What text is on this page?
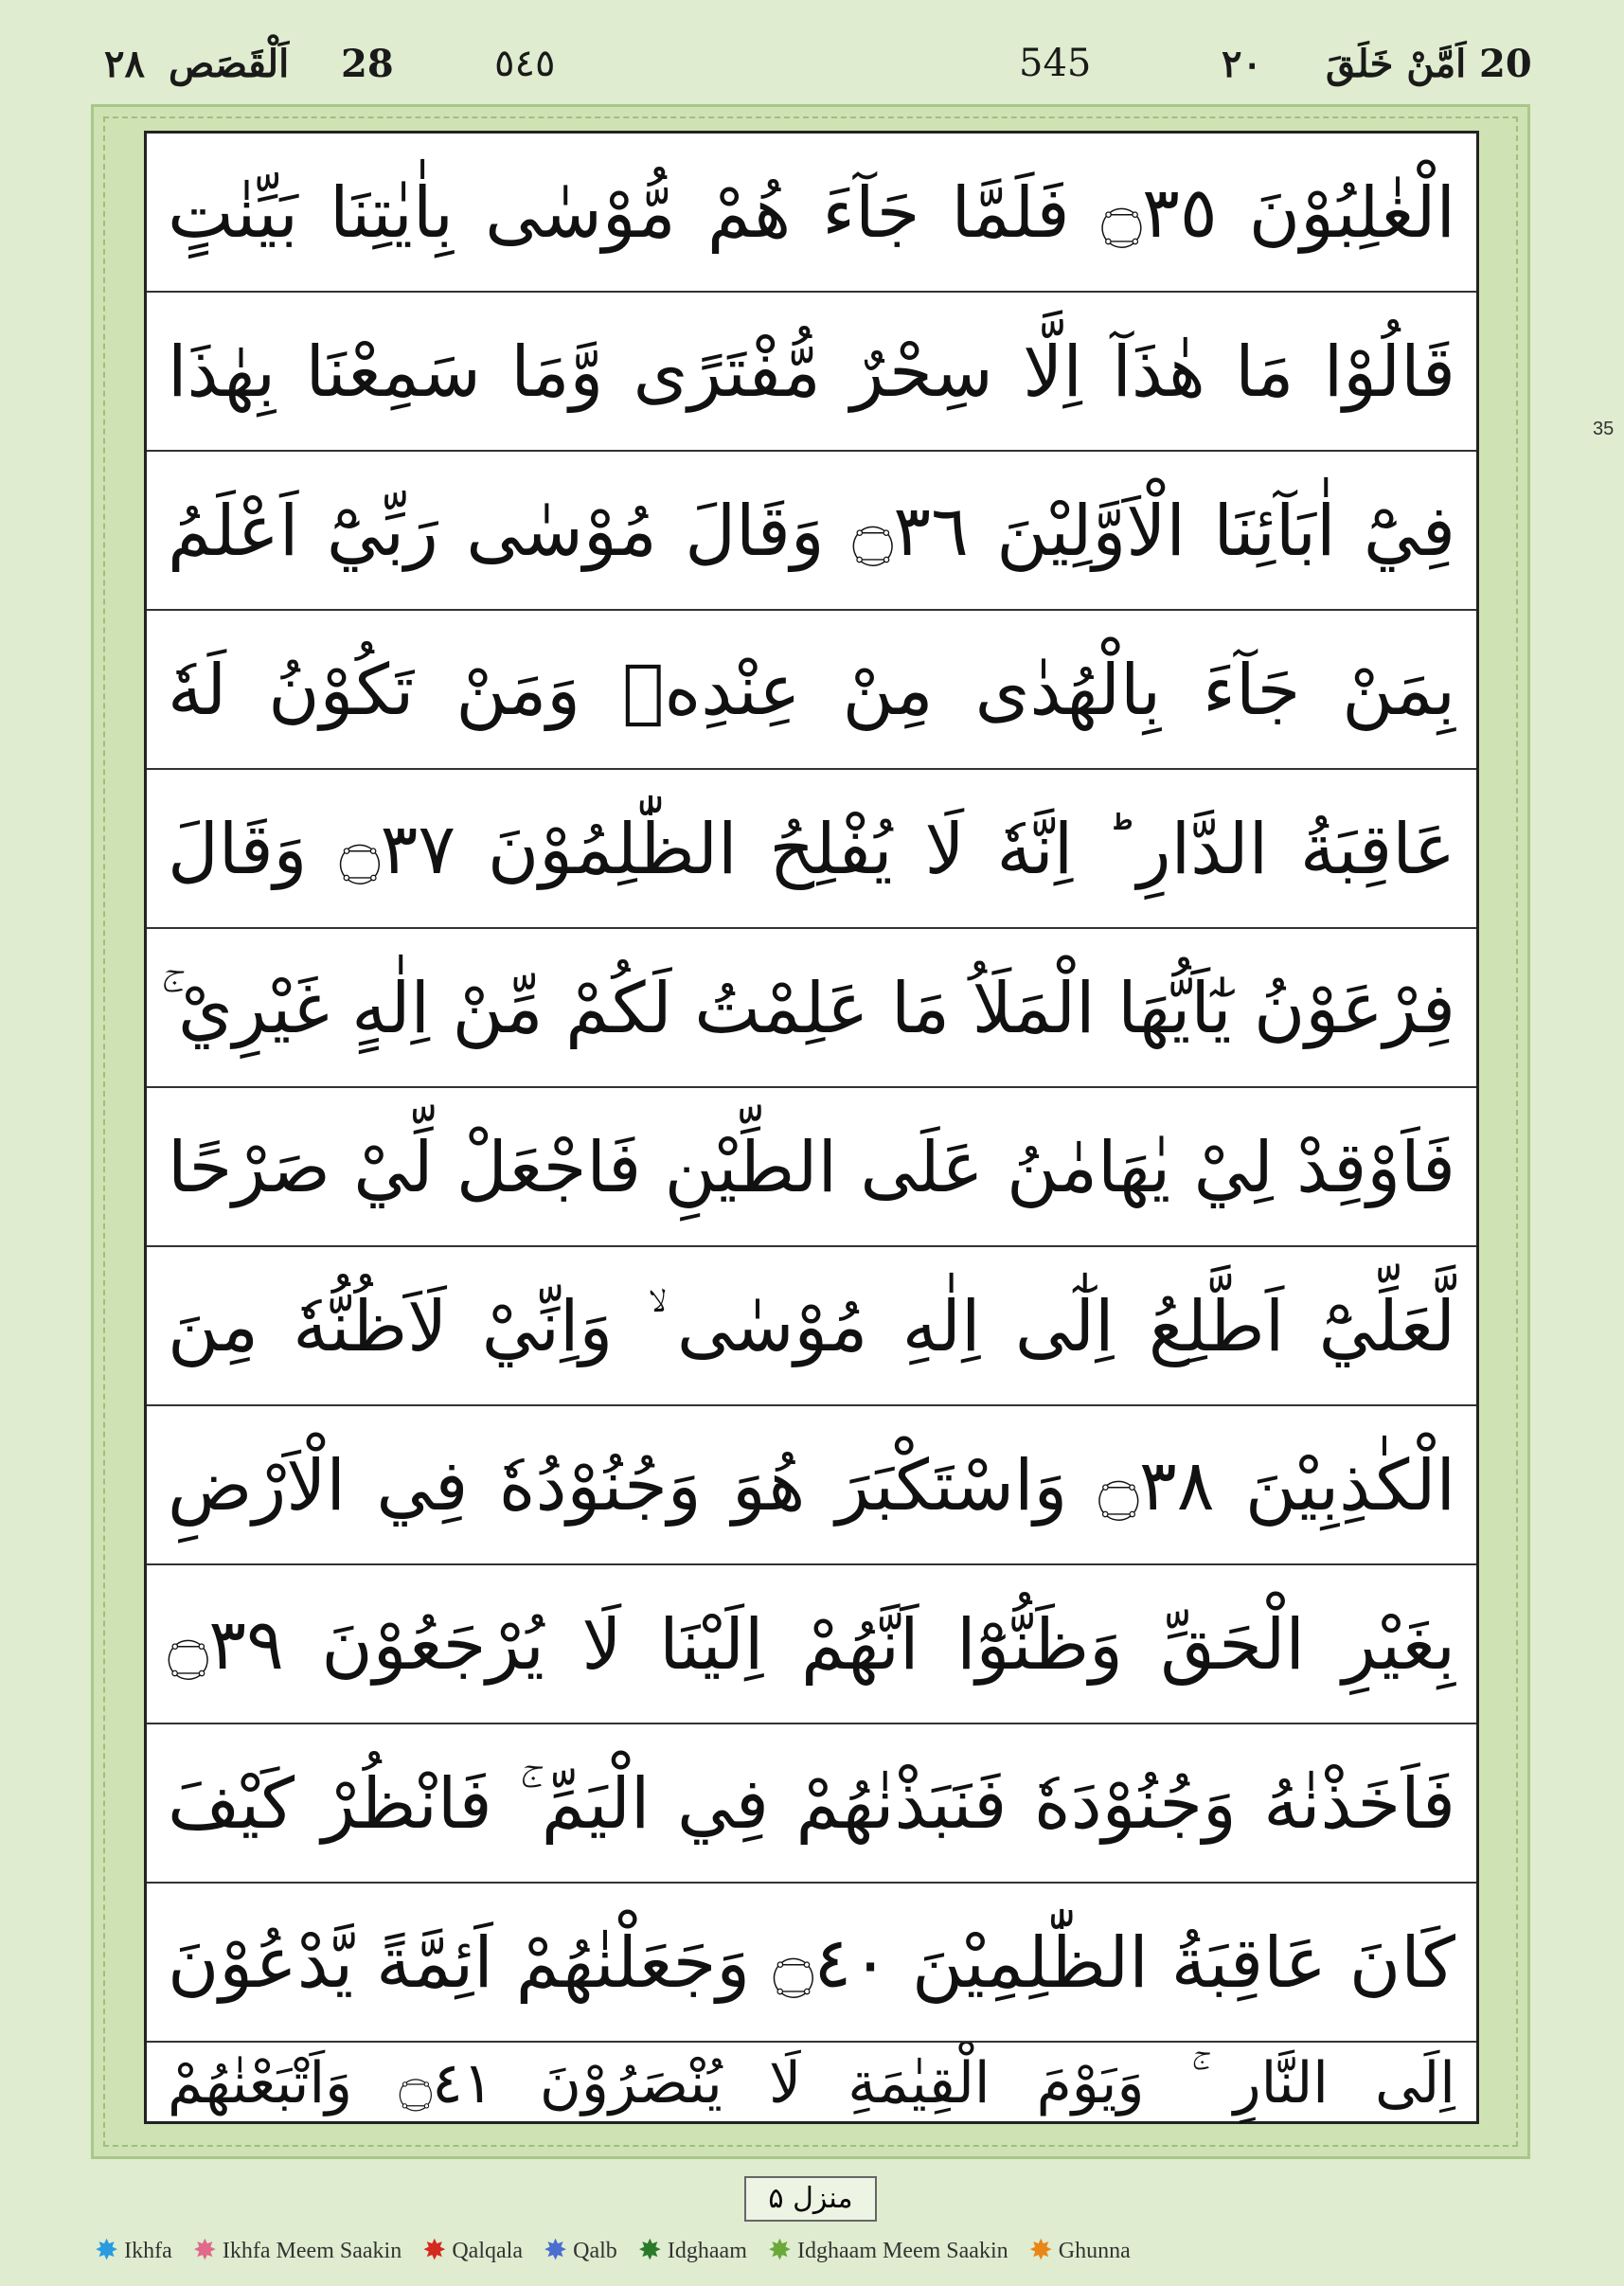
20
اَمَّنْ خَلَقَ
٢٠
545
٥٤٥
28
اَلْقَصَص
٢٨
35
الْغٰلِبُوْنَ ۝٣٥ فَلَمَّا جَآءَ هُمْ مُّوْسٰى بِاٰيٰتِنَا بَيِّنٰتٍ
قَالُوْا مَا هٰذَآ اِلَّا سِحْرٌ مُّفْتَرًى وَّمَا سَمِعْنَا بِهٰذَا
فِيْٓ اٰبَآئِنَا الْاَوَّلِيْنَ ۝٣٦ وَقَالَ مُوْسٰى رَبِّيْٓ اَعْلَمُ
بِمَنْ جَآءَ بِالْهُدٰى مِنْ عِنْدِهٖ وَمَنْ تَكُوْنُ لَهٗ
عَاقِبَةُ الدَّارِ ؕ اِنَّهٗ لَا يُفْلِحُ الظّٰلِمُوْنَ ۝٣٧ وَقَالَ
فِرْعَوْنُ يٰٓاَيُّهَا الْمَلَاُ مَا عَلِمْتُ لَكُمْ مِّنْ اِلٰهٍ غَيْرِيْ ۚ
فَاَوْقِدْ لِيْ يٰهَامٰنُ عَلَى الطِّيْنِ فَاجْعَلْ لِّيْ صَرْحًا
لَّعَلِّيْٓ اَطَّلِعُ اِلٰٓى اِلٰهِ مُوْسٰى ۙ وَاِنِّيْ لَاَظُنُّهٗ مِنَ
الْكٰذِبِيْنَ ۝٣٨ وَاسْتَكْبَرَ هُوَ وَجُنُوْدُهٗ فِي الْاَرْضِ
بِغَيْرِ الْحَقِّ وَظَنُّوْٓا اَنَّهُمْ اِلَيْنَا لَا يُرْجَعُوْنَ ۝٣٩
فَاَخَذْنٰهُ وَجُنُوْدَهٗ فَنَبَذْنٰهُمْ فِي الْيَمِّ ۚ فَانْظُرْ كَيْفَ
كَانَ عَاقِبَةُ الظّٰلِمِيْنَ ۝٤٠ وَجَعَلْنٰهُمْ اَئِمَّةً يَّدْعُوْنَ
اِلَى النَّارِ ۚ وَيَوْمَ الْقِيٰمَةِ لَا يُنْصَرُوْنَ ۝٤١ وَاَتْبَعْنٰهُمْ
منزل ۵
✸ Ikhfa ✸ Ikhfa Meem Saakin ✸ Qalqala ✸ Qalb ✸ Idghaam ✸ Idghaam Meem Saakin ✸ Ghunna
